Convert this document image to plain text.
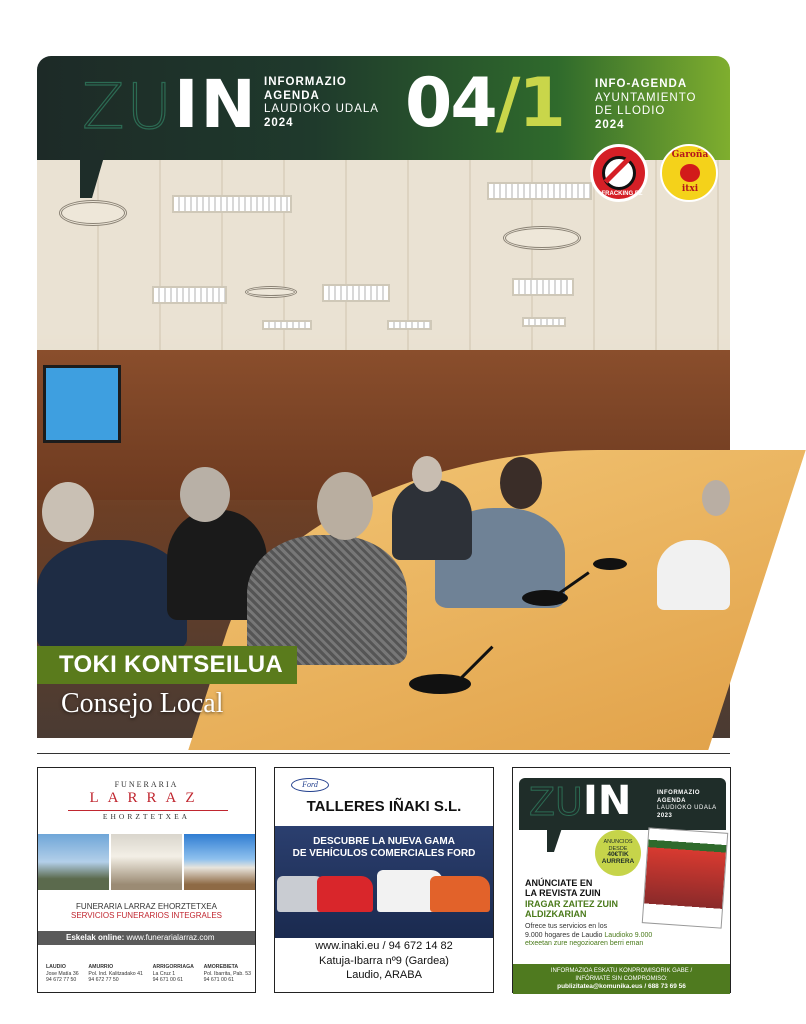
ZU IN INFORMAZIO
AGENDA
LAUDIOKO UDALA
2024	04/1	INFO-AGENDA
AYUNTAMIENTO
DE LLODIO
2024
FRACKING EZ
Garoña
itxi
TOKI KONTSEILUA
Consejo Local
FUNERARIA
LARRAZ
EHORZTETXEA
FUNERARIA LARRAZ EHORZTETXEA
SERVICIOS FUNERARIOS INTEGRALES
Eskelak online: www.funerarialarraz.com
LAUDIO
Jose Matía 36
94 672 77 50
AMURRIO
Pol. Ind. Kalitzadako 41
94 672 77 50
ARRIGORRIAGA
La Cruz 1
94 671 00 61
AMOREBIETA
Pol. Ibarrita, Pab. 53
94 671 00 61
Ford
TALLERES IÑAKI S.L.
DESCUBRE LA NUEVA GAMA
DE VEHÍCULOS COMERCIALES FORD
www.inaki.eu / 94 672 14 82
Katuja-Ibarra nº9 (Gardea)
Laudio, ARABA
ZU IN	INFORMAZIO
AGENDA
LAUDIOKO UDALA
2023
ANUNCIOS
DESDE
40€TIK
AURRERA
ANÚNCIATE EN
LA REVISTA ZUIN
IRAGAR ZAITEZ ZUIN
ALDIZKARIAN
Ofrece tus servicios en los
9.000 hogares de Laudio Laudioko 9.000
etxeetan zure negozioaren berri eman
INFORMAZIOA ESKATU KONPROMISORIK GABE /
INFÓRMATE SIN COMPROMISO:
publizitatea@komunika.eus / 688 73 69 56
